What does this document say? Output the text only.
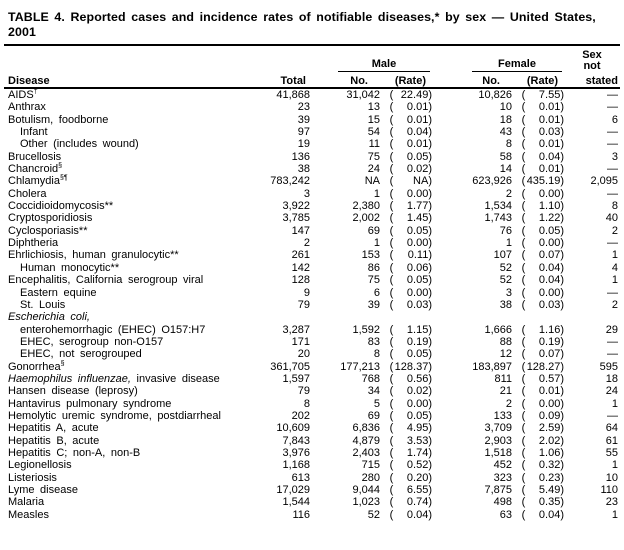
TABLE 4. Reported cases and incidence rates of notifiable diseases,* by sex — United States,
2001

		Male		Female		Sex
not
Disease	Total	No.	(Rate)	No.	(Rate)	stated
AIDS†	41,868	31,042	( 22.49)	10,826	( 7.55)	—
Anthrax	23	13	( 0.01)	10	( 0.01)	—
Botulism, foodborne	39	15	( 0.01)	18	( 0.01)	6
Infant	97	54	( 0.04)	43	( 0.03)	—
Other (includes wound)	19	11	( 0.01)	8	( 0.01)	—
Brucellosis	136	75	( 0.05)	58	( 0.04)	3
Chancroid§	38	24	( 0.02)	14	( 0.01)	—
Chlamydia§¶	783,242	NA	( NA)	623,926	(435.19)	2,095
Cholera	3	1	( 0.00)	2	( 0.00)	—
Coccidioidomycosis**	3,922	2,380	( 1.77)	1,534	( 1.10)	8
Cryptosporidiosis	3,785	2,002	( 1.45)	1,743	( 1.22)	40
Cyclosporiasis**	147	69	( 0.05)	76	( 0.05)	2
Diphtheria	2	1	( 0.00)	1	( 0.00)	—
Ehrlichiosis, human granulocytic**	261	153	( 0.11)	107	( 0.07)	1
Human monocytic**	142	86	( 0.06)	52	( 0.04)	4
Encephalitis, California serogroup viral	128	75	( 0.05)	52	( 0.04)	1
Eastern equine	9	6	( 0.00)	3	( 0.00)	—
St. Louis	79	39	( 0.03)	38	( 0.03)	2
Escherichia coli,						
enterohemorrhagic (EHEC) O157:H7	3,287	1,592	( 1.15)	1,666	( 1.16)	29
EHEC, serogroup non-O157	171	83	( 0.19)	88	( 0.19)	—
EHEC, not serogrouped	20	8	( 0.05)	12	( 0.07)	—
Gonorrhea§	361,705	177,213	(128.37)	183,897	(128.27)	595
Haemophilus influenzae, invasive disease	1,597	768	( 0.56)	811	( 0.57)	18
Hansen disease (leprosy)	79	34	( 0.02)	21	( 0.01)	24
Hantavirus pulmonary syndrome	8	5	( 0.00)	2	( 0.00)	1
Hemolytic uremic syndrome, postdiarrheal	202	69	( 0.05)	133	( 0.09)	—
Hepatitis A, acute	10,609	6,836	( 4.95)	3,709	( 2.59)	64
Hepatitis B, acute	7,843	4,879	( 3.53)	2,903	( 2.02)	61
Hepatitis C; non-A, non-B	3,976	2,403	( 1.74)	1,518	( 1.06)	55
Legionellosis	1,168	715	( 0.52)	452	( 0.32)	1
Listeriosis	613	280	( 0.20)	323	( 0.23)	10
Lyme disease	17,029	9,044	( 6.55)	7,875	( 5.49)	110
Malaria	1,544	1,023	( 0.74)	498	( 0.35)	23
Measles	116	52	( 0.04)	63	( 0.04)	1
